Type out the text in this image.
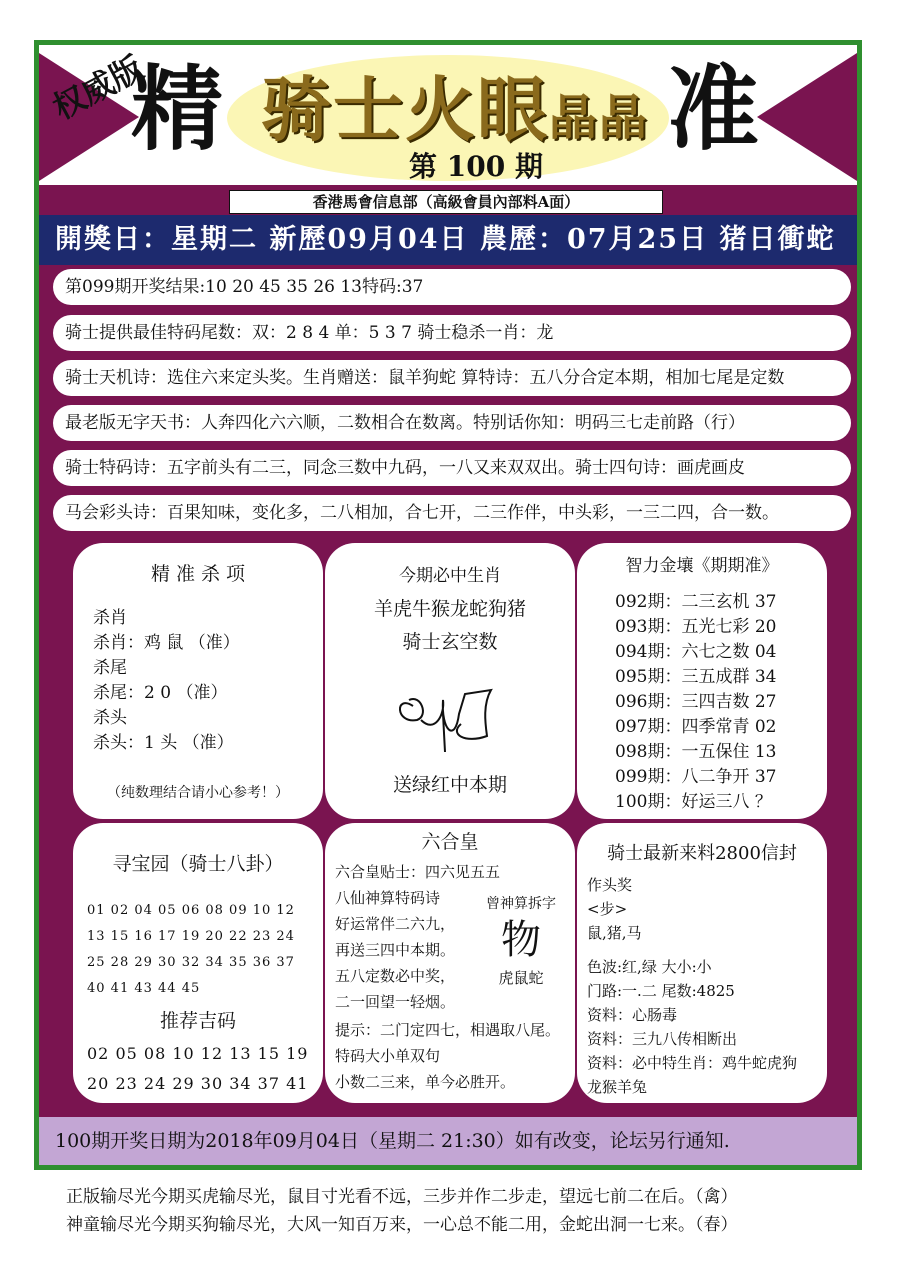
权威版
精	准
骑士火眼晶晶
第 100 期
香港馬會信息部（高級會員內部料A面）
開獎日：星期二 新歷09月04日 農歷：07月25日 猪日衝蛇
第099期开奖结果:10 20 45 35 26 13特码:37
骑士提供最佳特码尾数：双：2 8 4 单：5 3 7 骑士稳杀一肖：龙
骑士天机诗：选住六来定头奖。生肖赠送：鼠羊狗蛇 算特诗：五八分合定本期，相加七尾是定数
最老版无字天书：人奔四化六六顺，二数相合在数离。特别话你知：明码三七走前路（行）
骑士特码诗：五字前头有二三，同念三数中九码，一八又来双双出。骑士四句诗：画虎画皮
马会彩头诗：百果知味，变化多，二八相加，合七开，二三作伴，中头彩，一三二四，合一数。
精 准 杀 项
杀肖
杀肖：鸡 鼠 （准）
杀尾
杀尾：2 0 （准）
杀头
杀头：1 头 （准）
（纯数理结合请小心参考！）
今期必中生肖
羊虎牛猴龙蛇狗猪
骑士玄空数
送绿红中本期
智力金壤《期期准》
092期：二三玄机 37
093期：五光七彩 20
094期：六七之数 04
095期：三五成群 34
096期：三四吉数 27
097期：四季常青 02
098期：一五保住 13
099期：八二争开 37
100期：好运三八 ？
寻宝园（骑士八卦）
01 02 04 05 06 08 09 10 12
13 15 16 17 19 20 22 23 24
25 28 29 30 32 34 35 36 37
40 41 43 44 45
推荐吉码
02 05 08 10 12 13 15 19
20 23 24 29 30 34 37 41
六合皇
六合皇贴士：四六见五五
八仙神算特码诗
好运常伴二六九，
再送三四中本期。
五八定数必中奖，
二一回望一轻烟。
曾神算拆字
物
虎鼠蛇
提示：二门定四七，相遇取八尾。
特码大小单双句
小数二三来，单今必胜开。
骑士最新来料2800信封
作头奖
<步>
鼠,猪,马
色波:红,绿 大小:小
门路:一.二 尾数:4825
资料：心肠毒
资料：三九八传相断出
资料：必中特生肖：鸡牛蛇虎狗
龙猴羊兔
100期开奖日期为2018年09月04日（星期二 21:30）如有改变，论坛另行通知.
正版输尽光今期买虎输尽光，鼠目寸光看不远，三步并作二步走，望远七前二在后。（禽）
神童输尽光今期买狗输尽光，大风一知百万来，一心总不能二用，金蛇出洞一七来。（春）
